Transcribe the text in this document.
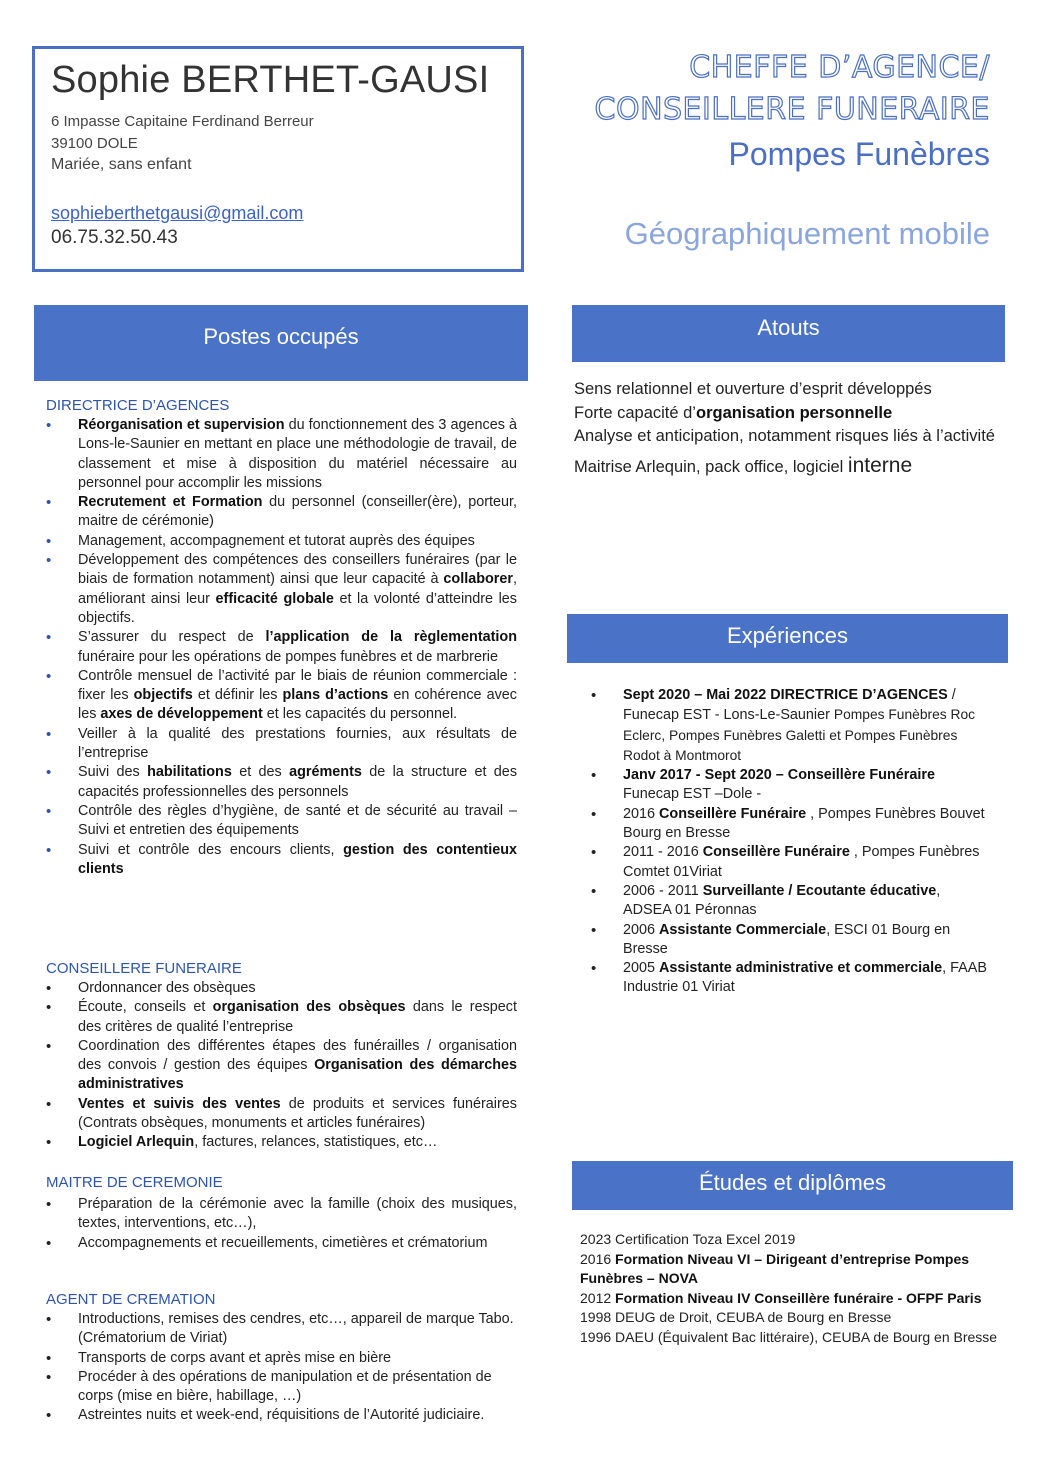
Sophie BERTHET-GAUSI
6 Impasse Capitaine Ferdinand Berreur
39100 DOLE
Mariée, sans enfant
sophieberthetgausi@gmail.com
06.75.32.50.43
CHEFFE D’AGENCE/
CONSEILLERE FUNERAIRE
Pompes Funèbres
Géographiquement mobile
Postes occupés
DIRECTRICE D’AGENCES
• Réorganisation et supervision du fonctionnement des 3 agences à Lons-le-Saunier en mettant en place une méthodologie de travail, de classement et mise à disposition du matériel nécessaire au personnel pour accomplir les missions
• Recrutement et Formation du personnel (conseiller(ère), porteur, maitre de cérémonie)
• Management, accompagnement et tutorat auprès des équipes
• Développement des compétences des conseillers funéraires (par le biais de formation notamment) ainsi que leur capacité à collaborer, améliorant ainsi leur efficacité globale et la volonté d’atteindre les objectifs.
• S’assurer du respect de l’application de la règlementation funéraire pour les opérations de pompes funèbres et de marbrerie
• Contrôle mensuel de l’activité par le biais de réunion commerciale : fixer les objectifs et définir les plans d’actions en cohérence avec les axes de développement et les capacités du personnel.
• Veiller à la qualité des prestations fournies, aux résultats de l’entreprise
• Suivi des habilitations et des agréments de la structure et des capacités professionnelles des personnels
• Contrôle des règles d’hygiène, de santé et de sécurité au travail – Suivi et entretien des équipements
• Suivi et contrôle des encours clients, gestion des contentieux clients
CONSEILLERE FUNERAIRE
• Ordonnancer des obsèques
• Écoute, conseils et organisation des obsèques dans le respect des critères de qualité l’entreprise
• Coordination des différentes étapes des funérailles / organisation des convois / gestion des équipes Organisation des démarches administratives
• Ventes et suivis des ventes de produits et services funéraires (Contrats obsèques, monuments et articles funéraires)
• Logiciel Arlequin, factures, relances, statistiques, etc…
MAITRE DE CEREMONIE
• Préparation de la cérémonie avec la famille (choix des musiques, textes, interventions, etc…),
• Accompagnements et recueillements, cimetières et crématorium
AGENT DE CREMATION
• Introductions, remises des cendres, etc…, appareil de marque Tabo. (Crématorium de Viriat)
• Transports de corps avant et après mise en bière
• Procéder à des opérations de manipulation et de présentation de corps (mise en bière, habillage, …)
• Astreintes nuits et week-end, réquisitions de l’Autorité judiciaire.
Atouts
Sens relationnel et ouverture d’esprit développés
Forte capacité d’organisation personnelle
Analyse et anticipation, notamment risques liés à l’activité
Maitrise Arlequin, pack office, logiciel interne
Expériences
• Sept 2020 – Mai 2022 DIRECTRICE D’AGENCES / Funecap EST - Lons-Le-Saunier Pompes Funèbres Roc Eclerc, Pompes Funèbres Galetti et Pompes Funèbres Rodot à Montmorot
• Janv 2017 - Sept 2020 – Conseillère Funéraire
Funecap EST –Dole -
• 2016 Conseillère Funéraire , Pompes Funèbres Bouvet Bourg en Bresse
• 2011 - 2016 Conseillère Funéraire , Pompes Funèbres Comtet 01Viriat
• 2006 - 2011 Surveillante / Ecoutante éducative, ADSEA 01 Péronnas
• 2006 Assistante Commerciale, ESCI 01 Bourg en Bresse
• 2005 Assistante administrative et commerciale, FAAB Industrie 01 Viriat
Études et diplômes
2023 Certification Toza Excel 2019
2016 Formation Niveau VI – Dirigeant d’entreprise Pompes Funèbres – NOVA
2012 Formation Niveau IV Conseillère funéraire - OFPF Paris
1998 DEUG de Droit, CEUBA de Bourg en Bresse
1996 DAEU (Équivalent Bac littéraire), CEUBA de Bourg en Bresse
